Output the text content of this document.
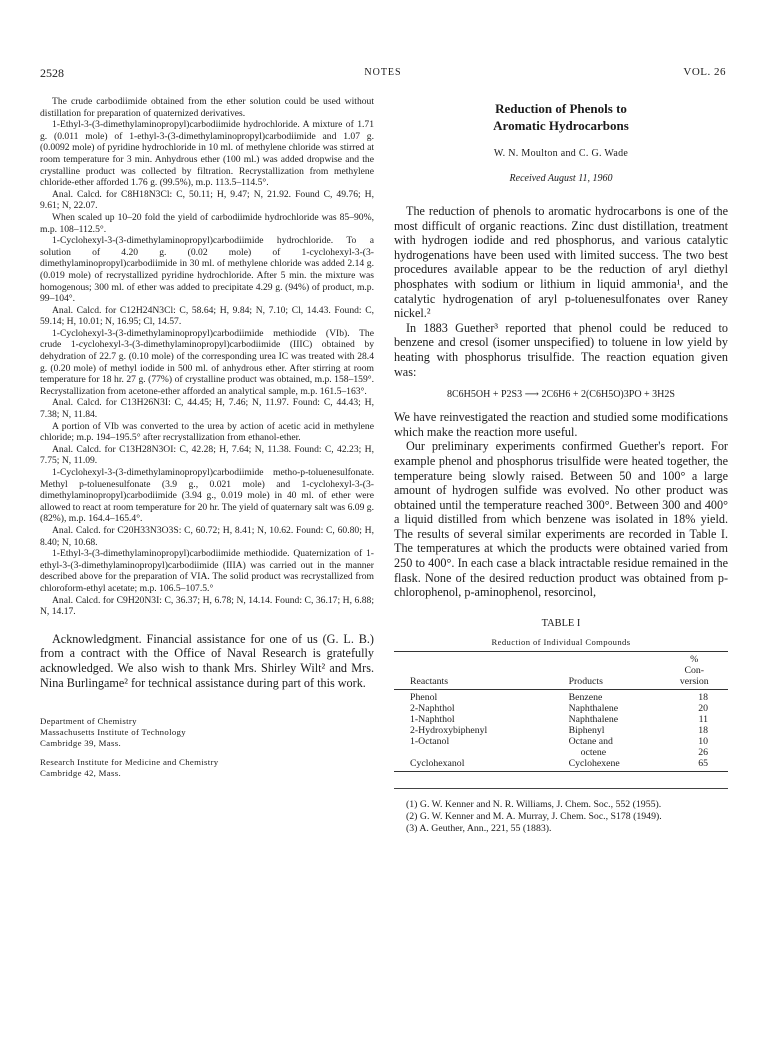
2528	NOTES	VOL. 26

The crude carbodiimide obtained from the ether solution could be used without distillation for preparation of quaternized derivatives.

1-Ethyl-3-(3-dimethylaminopropyl)carbodiimide hydrochloride. A mixture of 1.71 g. (0.011 mole) of 1-ethyl-3-(3-dimethylaminopropyl)carbodiimide and 1.07 g. (0.0092 mole) of pyridine hydrochloride in 10 ml. of methylene chloride was stirred at room temperature for 3 min. Anhydrous ether (100 ml.) was added dropwise and the crystalline product was collected by filtration. Recrystallization from methylene chloride-ether afforded 1.76 g. (99.5%), m.p. 113.5–114.5°.

Anal. Calcd. for C8H18N3Cl: C, 50.11; H, 9.47; N, 21.92. Found C, 49.76; H, 9.61; N, 22.07.

When scaled up 10–20 fold the yield of carbodiimide hydrochloride was 85–90%, m.p. 108–112.5°.

1-Cyclohexyl-3-(3-dimethylaminopropyl)carbodiimide hydrochloride. To a solution of 4.20 g. (0.02 mole) of 1-cyclohexyl-3-(3-dimethylaminopropyl)carbodiimide in 30 ml. of methylene chloride was added 2.14 g. (0.019 mole) of recrystallized pyridine hydrochloride. After 5 min. the mixture was homogenous; 300 ml. of ether was added to precipitate 4.29 g. (94%) of product, m.p. 99–104°.

Anal. Calcd. for C12H24N3Cl: C, 58.64; H, 9.84; N, 7.10; Cl, 14.43. Found: C, 59.14; H, 10.01; N, 16.95; Cl, 14.57.

1-Cyclohexyl-3-(3-dimethylaminopropyl)carbodiimide methiodide (VIb). The crude 1-cyclohexyl-3-(3-dimethylaminopropyl)carbodiimide (IIIC) obtained by dehydration of 22.7 g. (0.10 mole) of the corresponding urea IC was treated with 28.4 g. (0.20 mole) of methyl iodide in 500 ml. of anhydrous ether. After stirring at room temperature for 18 hr. 27 g. (77%) of crystalline product was obtained, m.p. 158–159°. Recrystallization from acetone-ether afforded an analytical sample, m.p. 161.5–163°.

Anal. Calcd. for C13H26N3I: C, 44.45; H, 7.46; N, 11.97. Found: C, 44.43; H, 7.38; N, 11.84.

A portion of VIb was converted to the urea by action of acetic acid in methylene chloride; m.p. 194–195.5° after recrystallization from ethanol-ether.

Anal. Calcd. for C13H28N3OI: C, 42.28; H, 7.64; N, 11.38. Found: C, 42.23; H, 7.75; N, 11.09.

1-Cyclohexyl-3-(3-dimethylaminopropyl)carbodiimide metho-p-toluenesulfonate. Methyl p-toluenesulfonate (3.9 g., 0.021 mole) and 1-cyclohexyl-3-(3-dimethylaminopropyl)carbodiimide (3.94 g., 0.019 mole) in 40 ml. of ether were allowed to react at room temperature for 20 hr. The yield of quaternary salt was 6.09 g. (82%), m.p. 164.4–165.4°.

Anal. Calcd. for C20H33N3O3S: C, 60.72; H, 8.41; N, 10.62. Found: C, 60.80; H, 8.40; N, 10.68.

1-Ethyl-3-(3-dimethylaminopropyl)carbodiimide methiodide. Quaternization of 1-ethyl-3-(3-dimethylaminopropyl)carbodiimide (IIIA) was carried out in the manner described above for the preparation of VIA. The solid product was recrystallized from chloroform-ethyl acetate; m.p. 106.5–107.5.°

Anal. Calcd. for C9H20N3I: C, 36.37; H, 6.78; N, 14.14. Found: C, 36.17; H, 6.88; N, 14.17.

Acknowledgment. Financial assistance for one of us (G. L. B.) from a contract with the Office of Naval Research is gratefully acknowledged. We also wish to thank Mrs. Shirley Wilt² and Mrs. Nina Burlingame² for technical assistance during part of this work.

Department of Chemistry

Massachusetts Institute of Technology

Cambridge 39, Mass.

Research Institute for Medicine and Chemistry

Cambridge 42, Mass.

Reduction of Phenols to

Aromatic Hydrocarbons

W. N. Moulton and C. G. Wade

Received August 11, 1960

The reduction of phenols to aromatic hydrocarbons is one of the most difficult of organic reactions. Zinc dust distillation, treatment with hydrogen iodide and red phosphorus, and various catalytic hydrogenations have been used with limited success. The two best procedures available appear to be the reduction of aryl diethyl phosphates with sodium or lithium in liquid ammonia¹, and the catalytic hydrogenation of aryl p-toluenesulfonates over Raney nickel.²

In 1883 Guether³ reported that phenol could be reduced to benzene and cresol (isomer unspecified) to toluene in low yield by heating with phosphorus trisulfide. The reaction equation given was:

8C6H5OH + P2S3 ⟶ 2C6H6 + 2(C6H5O)3PO + 3H2S

We have reinvestigated the reaction and studied some modifications which make the reaction more useful.

Our preliminary experiments confirmed Guether's report. For example phenol and phosphorus trisulfide were heated together, the temperature being slowly raised. Between 50 and 100° a large amount of hydrogen sulfide was evolved. No other product was obtained until the temperature reached 300°. Between 300 and 400° a liquid distilled from which benzene was isolated in 18% yield. The results of several similar experiments are recorded in Table I. The temperatures at which the products were obtained varied from 250 to 400°. In each case a black intractable residue remained in the flask. None of the desired reduction product was obtained from p-chlorophenol, p-aminophenol, resorcinol,

TABLE I

Reduction of Individual Compounds

Reactants	Products	%
Con-
version

Phenol	Benzene	18
2-Naphthol	Naphthalene	20
1-Naphthol	Naphthalene	11
2-Hydroxybiphenyl	Biphenyl	18
1-Octanol	Octane and	10
	octene	26
Cyclohexanol	Cyclohexene	65

(1) G. W. Kenner and N. R. Williams, J. Chem. Soc., 552 (1955).

(2) G. W. Kenner and M. A. Murray, J. Chem. Soc., S178 (1949).

(3) A. Geuther, Ann., 221, 55 (1883).
